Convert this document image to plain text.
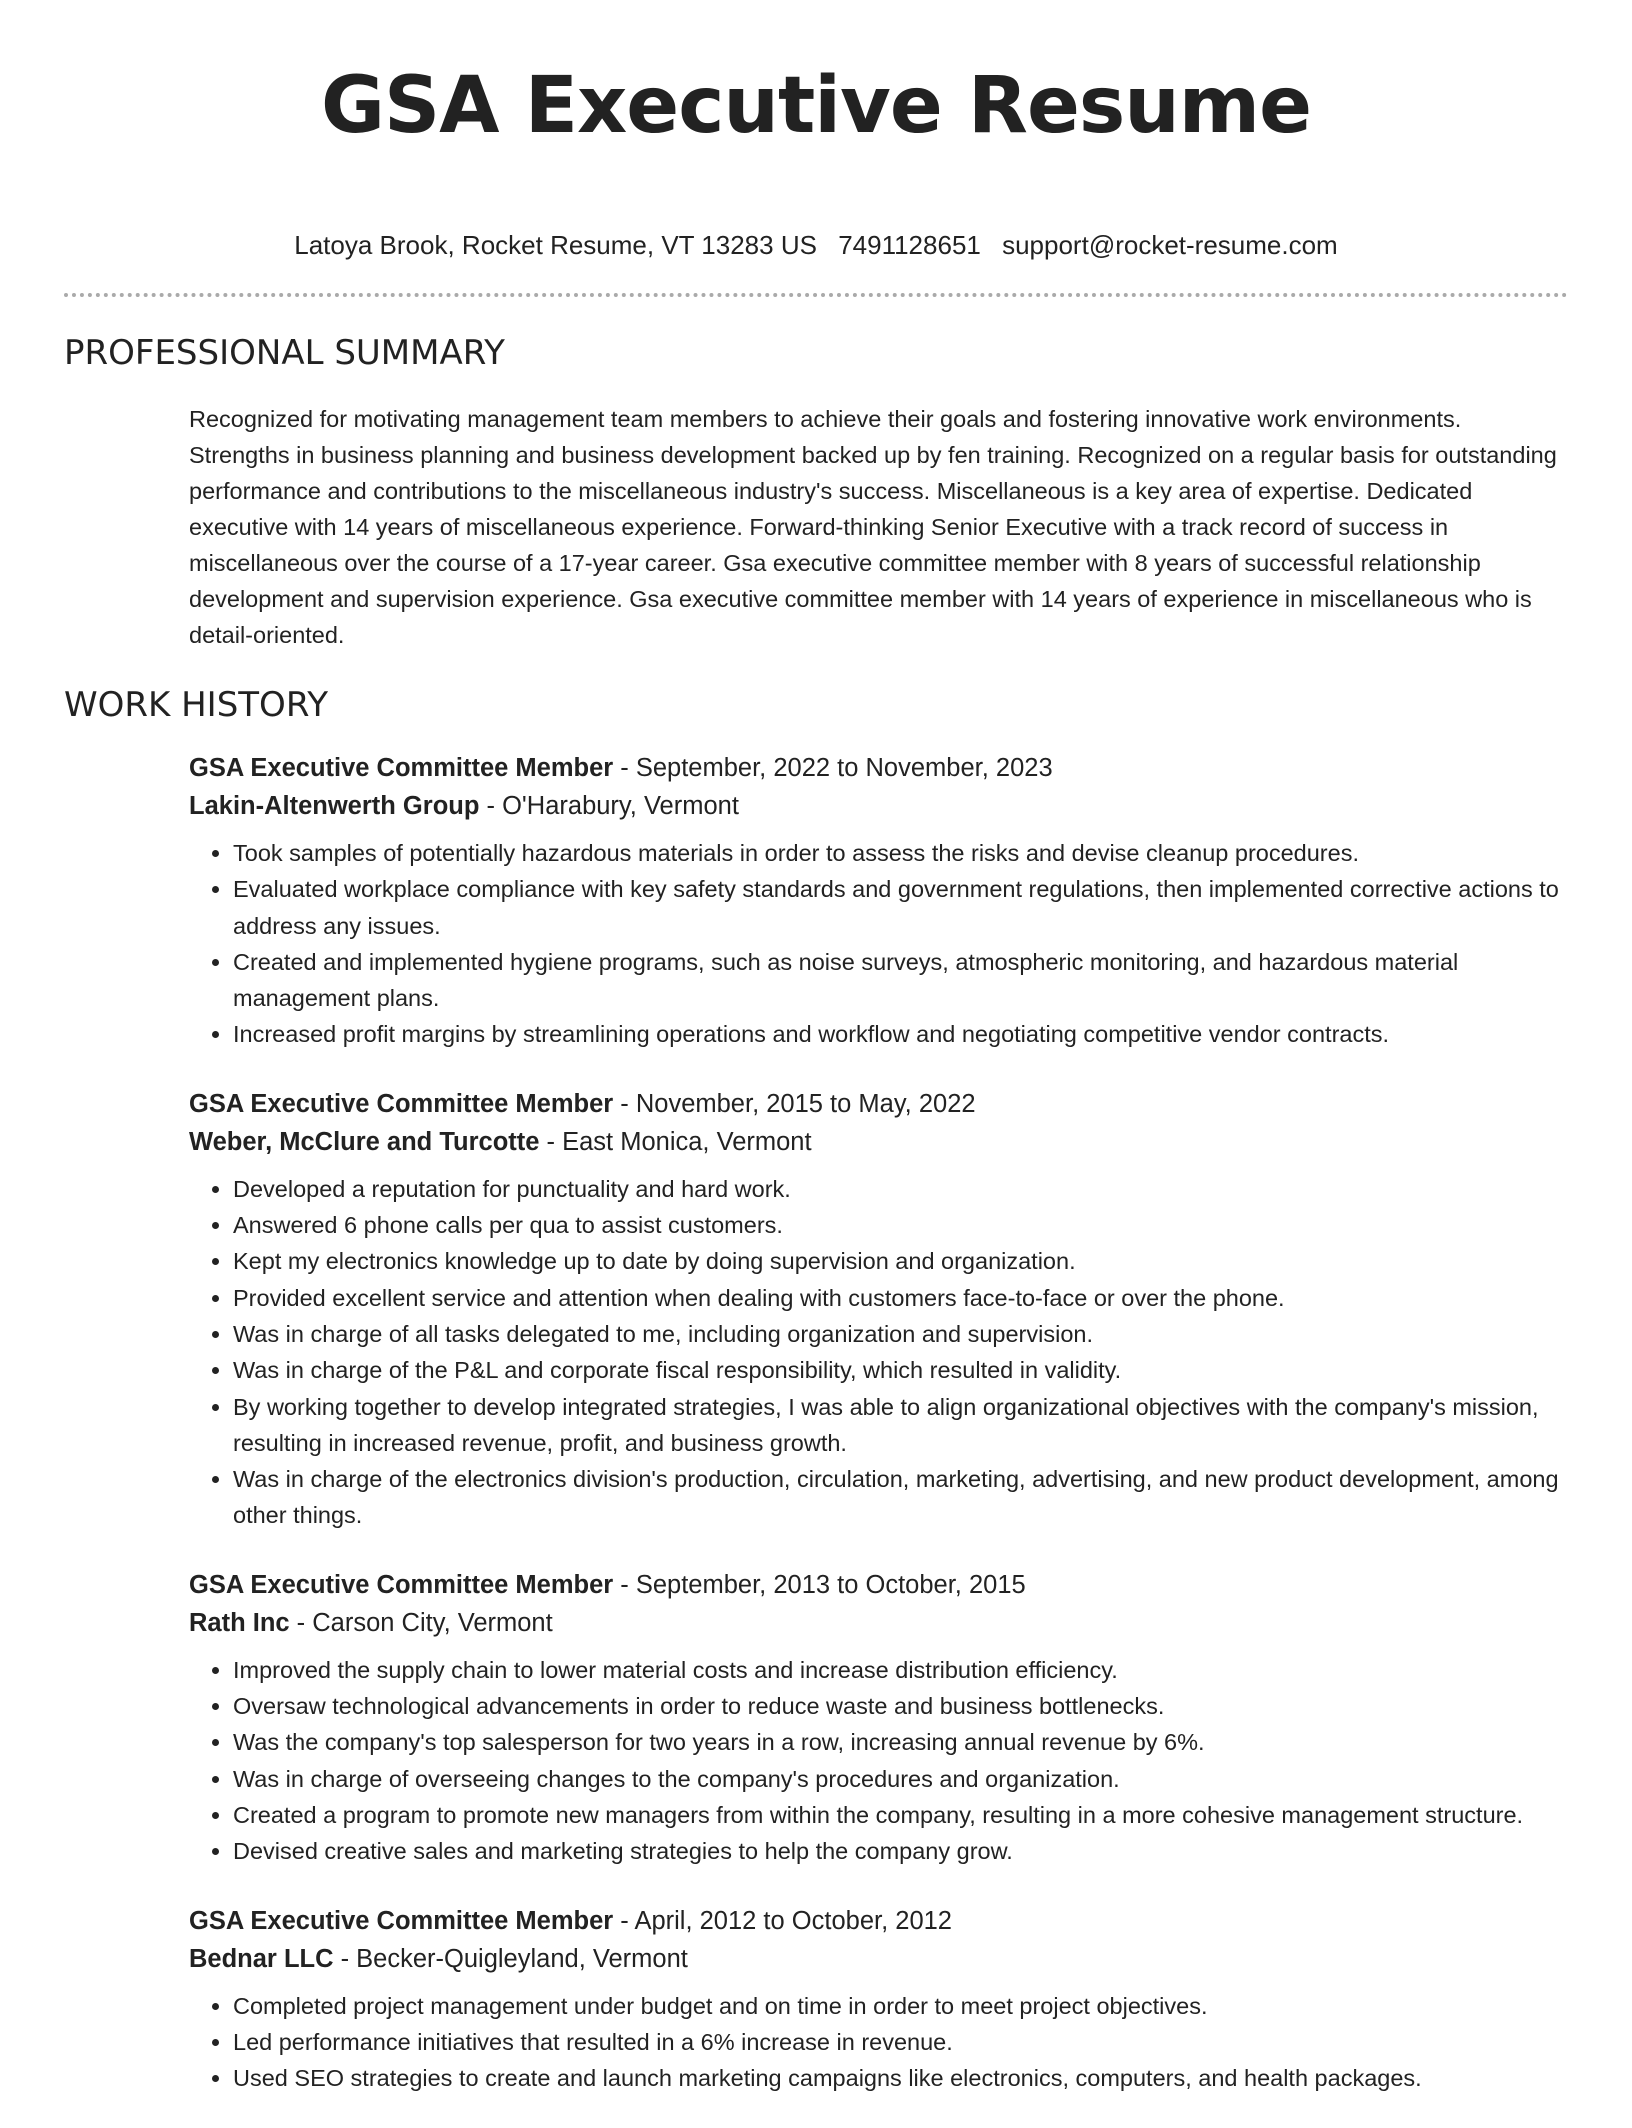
GSA Executive Resume
Latoya Brook, Rocket Resume, VT 13283 US 7491128651 support@rocket-resume.com
PROFESSIONAL SUMMARY
Recognized for motivating management team members to achieve their goals and fostering innovative work environments. Strengths in business planning and business development backed up by fen training. Recognized on a regular basis for outstanding performance and contributions to the miscellaneous industry's success. Miscellaneous is a key area of expertise. Dedicated executive with 14 years of miscellaneous experience. Forward-thinking Senior Executive with a track record of success in miscellaneous over the course of a 17-year career. Gsa executive committee member with 8 years of successful relationship development and supervision experience. Gsa executive committee member with 14 years of experience in miscellaneous who is detail-oriented.
WORK HISTORY
GSA Executive Committee Member - September, 2022 to November, 2023
Lakin-Altenwerth Group - O'Harabury, Vermont
• Took samples of potentially hazardous materials in order to assess the risks and devise cleanup procedures.
• Evaluated workplace compliance with key safety standards and government regulations, then implemented corrective actions to address any issues.
• Created and implemented hygiene programs, such as noise surveys, atmospheric monitoring, and hazardous material management plans.
• Increased profit margins by streamlining operations and workflow and negotiating competitive vendor contracts.
GSA Executive Committee Member - November, 2015 to May, 2022
Weber, McClure and Turcotte - East Monica, Vermont
• Developed a reputation for punctuality and hard work.
• Answered 6 phone calls per qua to assist customers.
• Kept my electronics knowledge up to date by doing supervision and organization.
• Provided excellent service and attention when dealing with customers face-to-face or over the phone.
• Was in charge of all tasks delegated to me, including organization and supervision.
• Was in charge of the P&L and corporate fiscal responsibility, which resulted in validity.
• By working together to develop integrated strategies, I was able to align organizational objectives with the company's mission, resulting in increased revenue, profit, and business growth.
• Was in charge of the electronics division's production, circulation, marketing, advertising, and new product development, among other things.
GSA Executive Committee Member - September, 2013 to October, 2015
Rath Inc - Carson City, Vermont
• Improved the supply chain to lower material costs and increase distribution efficiency.
• Oversaw technological advancements in order to reduce waste and business bottlenecks.
• Was the company's top salesperson for two years in a row, increasing annual revenue by 6%.
• Was in charge of overseeing changes to the company's procedures and organization.
• Created a program to promote new managers from within the company, resulting in a more cohesive management structure.
• Devised creative sales and marketing strategies to help the company grow.
GSA Executive Committee Member - April, 2012 to October, 2012
Bednar LLC - Becker-Quigleyland, Vermont
• Completed project management under budget and on time in order to meet project objectives.
• Led performance initiatives that resulted in a 6% increase in revenue.
• Used SEO strategies to create and launch marketing campaigns like electronics, computers, and health packages.
